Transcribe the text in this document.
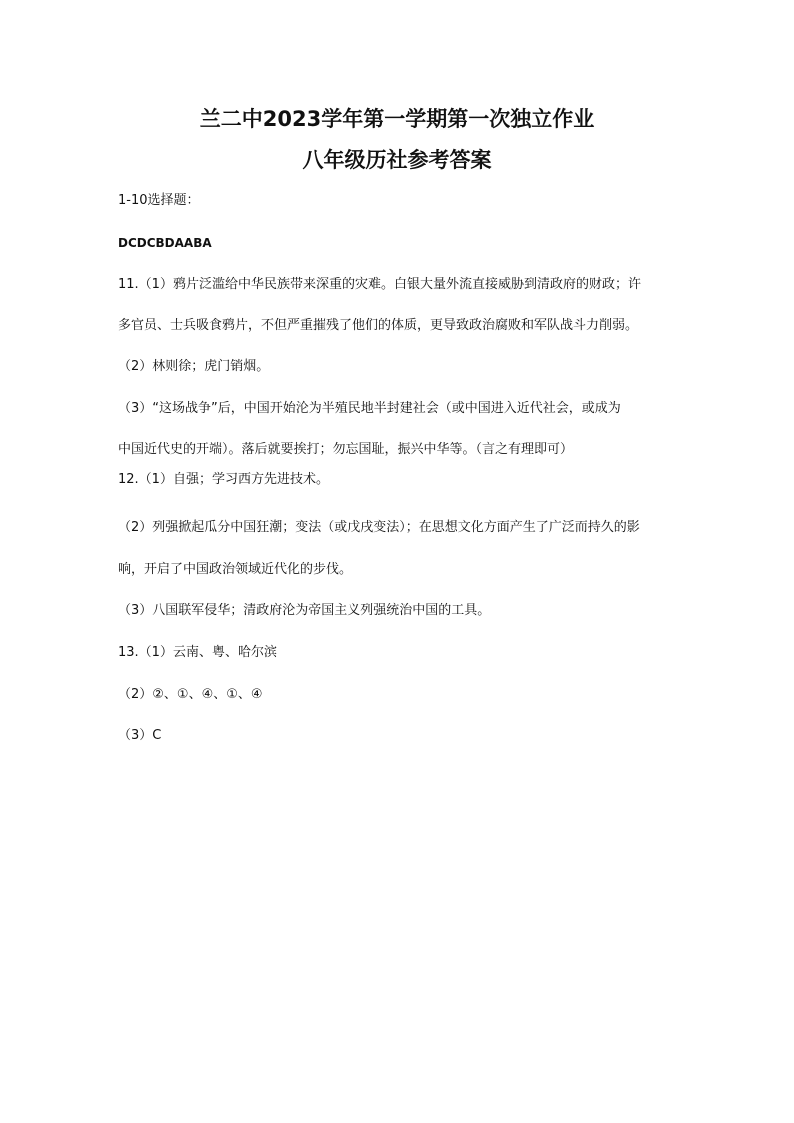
兰二中2023学年第一学期第一次独立作业
八年级历社参考答案
1-10选择题：
DCDCBDAABA
11.（1）鸦片泛滥给中华民族带来深重的灾难。白银大量外流直接威胁到清政府的财政；许
多官员、士兵吸食鸦片，不但严重摧残了他们的体质，更导致政治腐败和军队战斗力削弱。
（2）林则徐；虎门销烟。
（3）“这场战争”后，中国开始沦为半殖民地半封建社会（或中国进入近代社会，或成为
中国近代史的开端）。落后就要挨打；勿忘国耻，振兴中华等。（言之有理即可）
12.（1）自强；学习西方先进技术。
（2）列强掀起瓜分中国狂潮；变法（或戊戌变法）；在思想文化方面产生了广泛而持久的影
响，开启了中国政治领域近代化的步伐。
（3）八国联军侵华；清政府沦为帝国主义列强统治中国的工具。
13.（1）云南、粤、哈尔滨
（2）②、①、④、①、④
（3）C
